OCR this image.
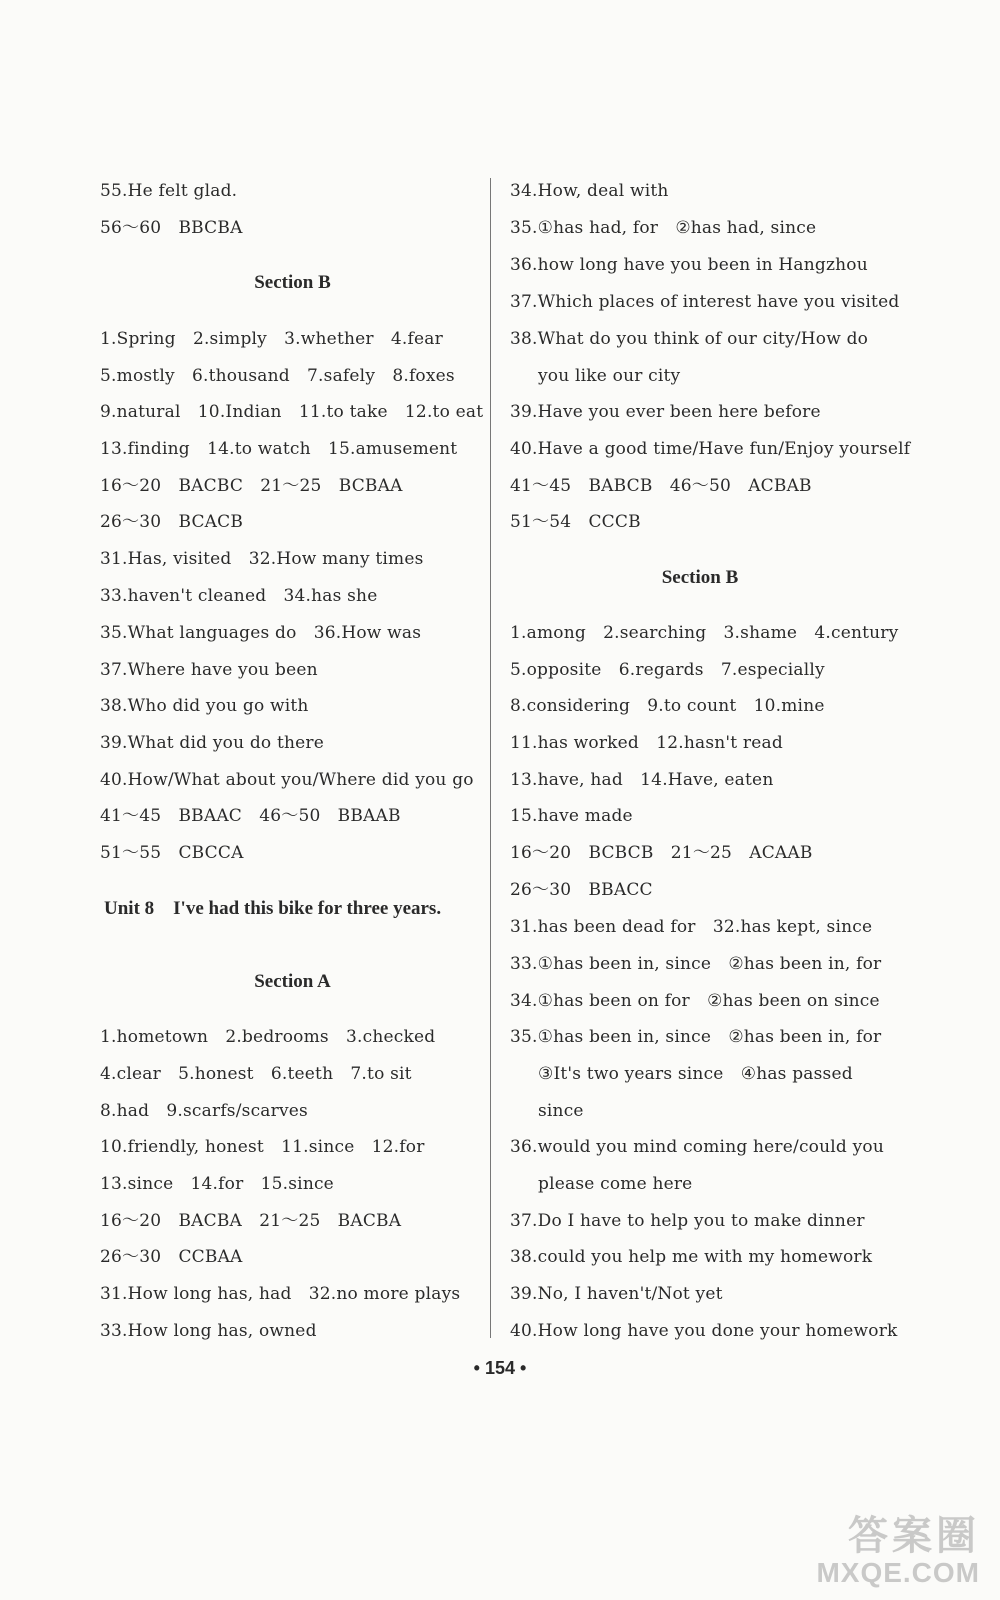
55.He felt glad.
56～60　BBCBA
Section B
1.Spring　2.simply　3.whether　4.fear
5.mostly　6.thousand　7.safely　8.foxes
9.natural　10.Indian　11.to take　12.to eat
13.finding　14.to watch　15.amusement
16～20　BACBC　21～25　BCBAA
26～30　BCACB
31.Has, visited　32.How many times
33.haven't cleaned　34.has she
35.What languages do　36.How was
37.Where have you been
38.Who did you go with
39.What did you do there
40.How/What about you/Where did you go
41～45　BBAAC　46～50　BBAAB
51～55　CBCCA
Unit 8　I've had this bike for three years.
Section A
1.hometown　2.bedrooms　3.checked
4.clear　5.honest　6.teeth　7.to sit
8.had　9.scarfs/scarves
10.friendly, honest　11.since　12.for
13.since　14.for　15.since
16～20　BACBA　21～25　BACBA
26～30　CCBAA
31.How long has, had　32.no more plays
33.How long has, owned
34.How, deal with
35.①has had, for　②has had, since
36.how long have you been in Hangzhou
37.Which places of interest have you visited
38.What do you think of our city/How do
you like our city
39.Have you ever been here before
40.Have a good time/Have fun/Enjoy yourself
41～45　BABCB　46～50　ACBAB
51～54　CCCB
Section B
1.among　2.searching　3.shame　4.century
5.opposite　6.regards　7.especially
8.considering　9.to count　10.mine
11.has worked　12.hasn't read
13.have, had　14.Have, eaten
15.have made
16～20　BCBCB　21～25　ACAAB
26～30　BBACC
31.has been dead for　32.has kept, since
33.①has been in, since　②has been in, for
34.①has been on for　②has been on since
35.①has been in, since　②has been in, for
③It's two years since　④has passed
since
36.would you mind coming here/could you
please come here
37.Do I have to help you to make dinner
38.could you help me with my homework
39.No, I haven't/Not yet
40.How long have you done your homework
• 154 •
答案圈
MXQE.COM
